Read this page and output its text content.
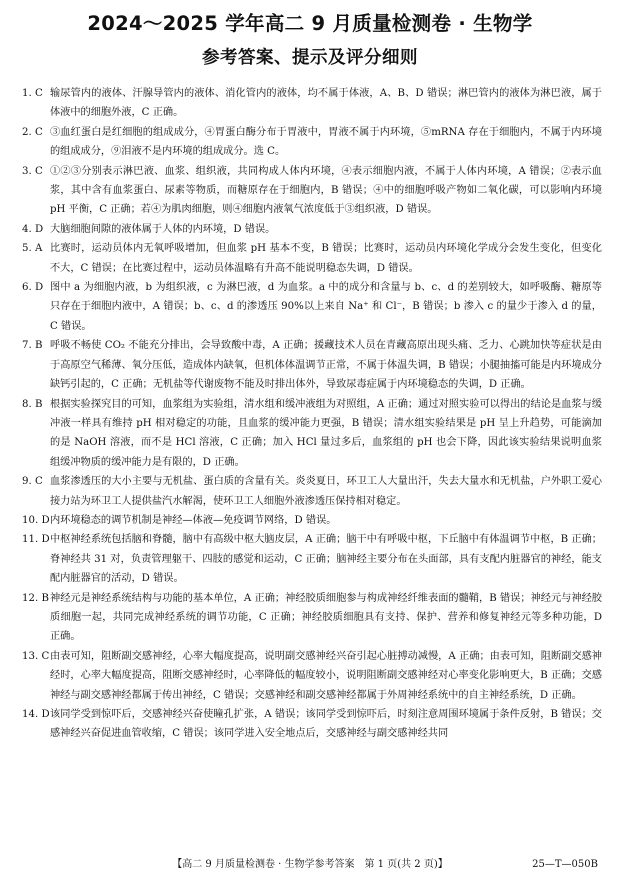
2024～2025 学年高二 9 月质量检测卷 · 生物学
参考答案、提示及评分细则
1. C 输尿管内的液体、汗腺导管内的液体、消化管内的液体，均不属于体液，A、B、D 错误；淋巴管内的液体为淋巴液，属于体液中的细胞外液，C 正确。
2. C ③血红蛋白是红细胞的组成成分，④胃蛋白酶分布于胃液中，胃液不属于内环境，⑤mRNA 存在于细胞内，不属于内环境的组成成分，⑨泪液不是内环境的组成成分。选 C。
3. C ①②③分别表示淋巴液、血浆、组织液，共同构成人体内环境，④表示细胞内液，不属于人体内环境，A 错误；②表示血浆，其中含有血浆蛋白、尿素等物质，而糖原存在于细胞内，B 错误；④中的细胞呼吸产物如二氧化碳，可以影响内环境 pH 平衡，C 正确；若④为肌肉细胞，则④细胞内液氧气浓度低于③组织液，D 错误。
4. D 大脑细胞间隙的液体属于人体的内环境，D 错误。
5. A 比赛时，运动员体内无氧呼吸增加，但血浆 pH 基本不变，B 错误；比赛时，运动员内环境化学成分会发生变化，但变化不大，C 错误；在比赛过程中，运动员体温略有升高不能说明稳态失调，D 错误。
6. D 图中 a 为细胞内液，b 为组织液，c 为淋巴液，d 为血浆。a 中的成分和含量与 b、c、d 的差别较大，如呼吸酶、糖原等只存在于细胞内液中，A 错误；b、c、d 的渗透压 90%以上来自 Na⁺ 和 Cl⁻，B 错误；b 渗入 c 的量少于渗入 d 的量，C 错误。
7. B 呼吸不畅使 CO₂ 不能充分排出，会导致酸中毒，A 正确；援藏技术人员在青藏高原出现头痛、乏力、心跳加快等症状是由于高原空气稀薄、氧分压低，造成体内缺氧，但机体体温调节正常，不属于体温失调，B 错误；小腿抽搐可能是内环境成分缺钙引起的，C 正确；无机盐等代谢废物不能及时排出体外，导致尿毒症属于内环境稳态的失调，D 正确。
8. B 根据实验探究目的可知，血浆组为实验组，清水组和缓冲液组为对照组，A 正确；通过对照实验可以得出的结论是血浆与缓冲液一样具有维持 pH 相对稳定的功能，且血浆的缓冲能力更强，B 错误；清水组实验结果是 pH 呈上升趋势，可能滴加的是 NaOH 溶液，而不是 HCl 溶液，C 正确；加入 HCl 量过多后，血浆组的 pH 也会下降，因此该实验结果说明血浆组缓冲物质的缓冲能力是有限的，D 正确。
9. C 血浆渗透压的大小主要与无机盐、蛋白质的含量有关。炎炎夏日，环卫工人大量出汗，失去大量水和无机盐，户外职工爱心接力站为环卫工人提供盐汽水解渴，使环卫工人细胞外液渗透压保持相对稳定。
10. D 内环境稳态的调节机制是神经—体液—免疫调节网络，D 错误。
11. D 中枢神经系统包括脑和脊髓，脑中有高级中枢大脑皮层，A 正确；脑干中有呼吸中枢，下丘脑中有体温调节中枢，B 正确；脊神经共 31 对，负责管理躯干、四肢的感觉和运动，C 正确；脑神经主要分布在头面部，具有支配内脏器官的神经，能支配内脏器官的活动，D 错误。
12. B 神经元是神经系统结构与功能的基本单位，A 正确；神经胶质细胞参与构成神经纤维表面的髓鞘，B 错误；神经元与神经胶质细胞一起，共同完成神经系统的调节功能，C 正确；神经胶质细胞具有支持、保护、营养和修复神经元等多种功能，D 正确。
13. C 由表可知，阻断副交感神经，心率大幅度提高，说明副交感神经兴奋引起心脏搏动减慢，A 正确；由表可知，阻断副交感神经时，心率大幅度提高，阻断交感神经时，心率降低的幅度较小，说明阻断副交感神经对心率变化影响更大，B 正确；交感神经与副交感神经都属于传出神经，C 错误；交感神经和副交感神经都属于外周神经系统中的自主神经系统，D 正确。
14. D 该同学受到惊吓后，交感神经兴奋使瞳孔扩张，A 错误；该同学受到惊吓后，时刻注意周围环境属于条件反射，B 错误；交感神经兴奋促进血管收缩，C 错误；该同学进入安全地点后，交感神经与副交感神经共同
【高二 9 月质量检测卷 · 生物学参考答案　第 1 页(共 2 页)】	25—T—050B
